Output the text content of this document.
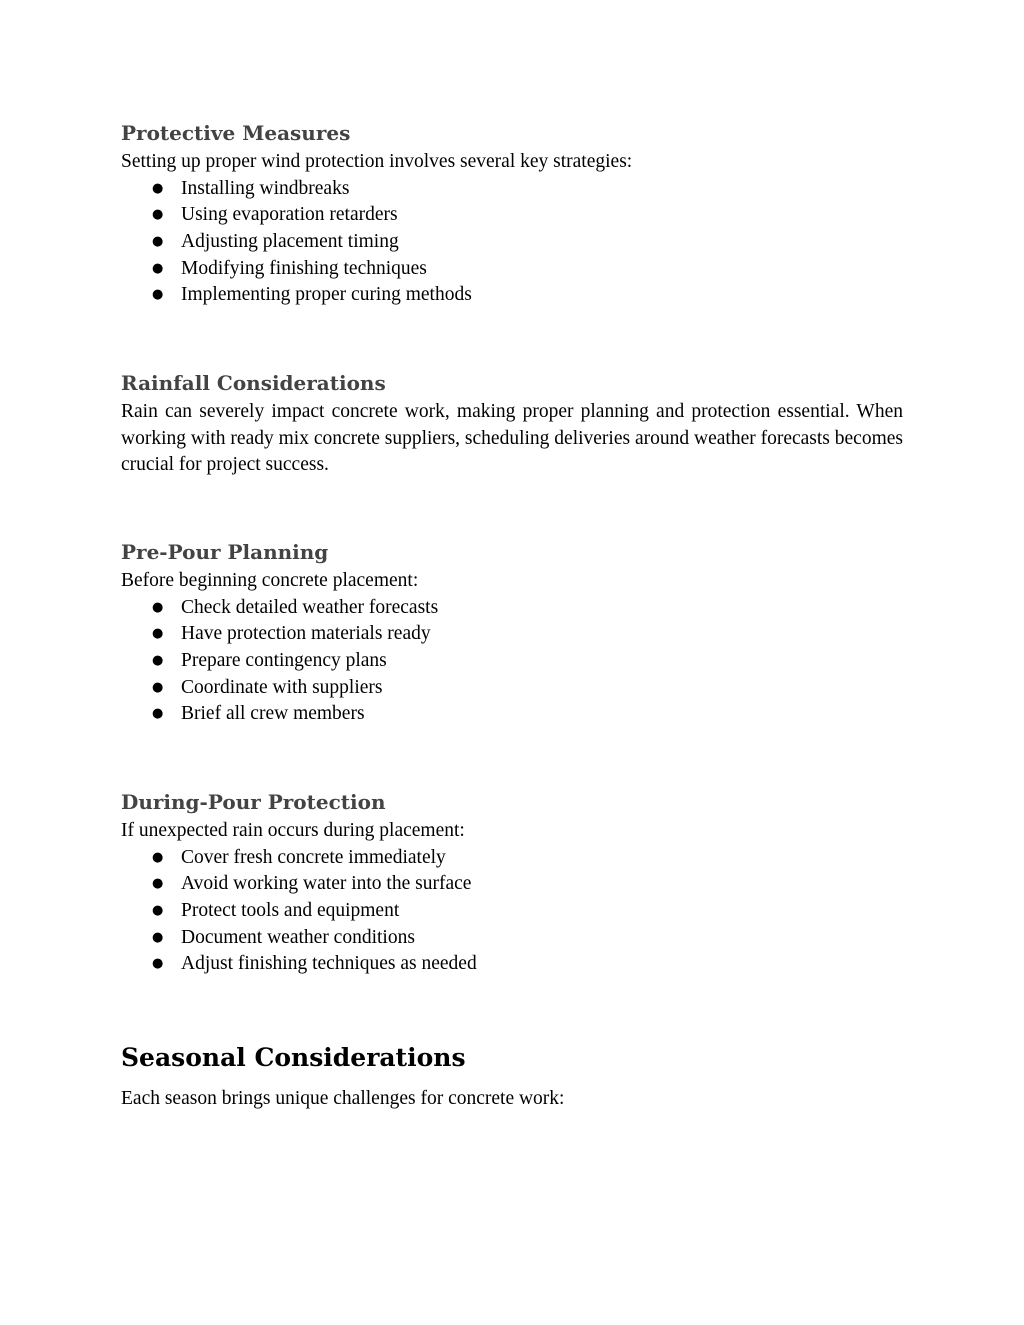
Protective Measures

Setting up proper wind protection involves several key strategies:

● Installing windbreaks
● Using evaporation retarders
● Adjusting placement timing
● Modifying finishing techniques
● Implementing proper curing methods
Rainfall Considerations

Rain can severely impact concrete work, making proper planning and protection essential. When working with ready mix concrete suppliers, scheduling deliveries around weather forecasts becomes crucial for project success.

Pre-Pour Planning

Before beginning concrete placement:

● Check detailed weather forecasts
● Have protection materials ready
● Prepare contingency plans
● Coordinate with suppliers
● Brief all crew members
During-Pour Protection

If unexpected rain occurs during placement:

● Cover fresh concrete immediately
● Avoid working water into the surface
● Protect tools and equipment
● Document weather conditions
● Adjust finishing techniques as needed
Seasonal Considerations

Each season brings unique challenges for concrete work:
